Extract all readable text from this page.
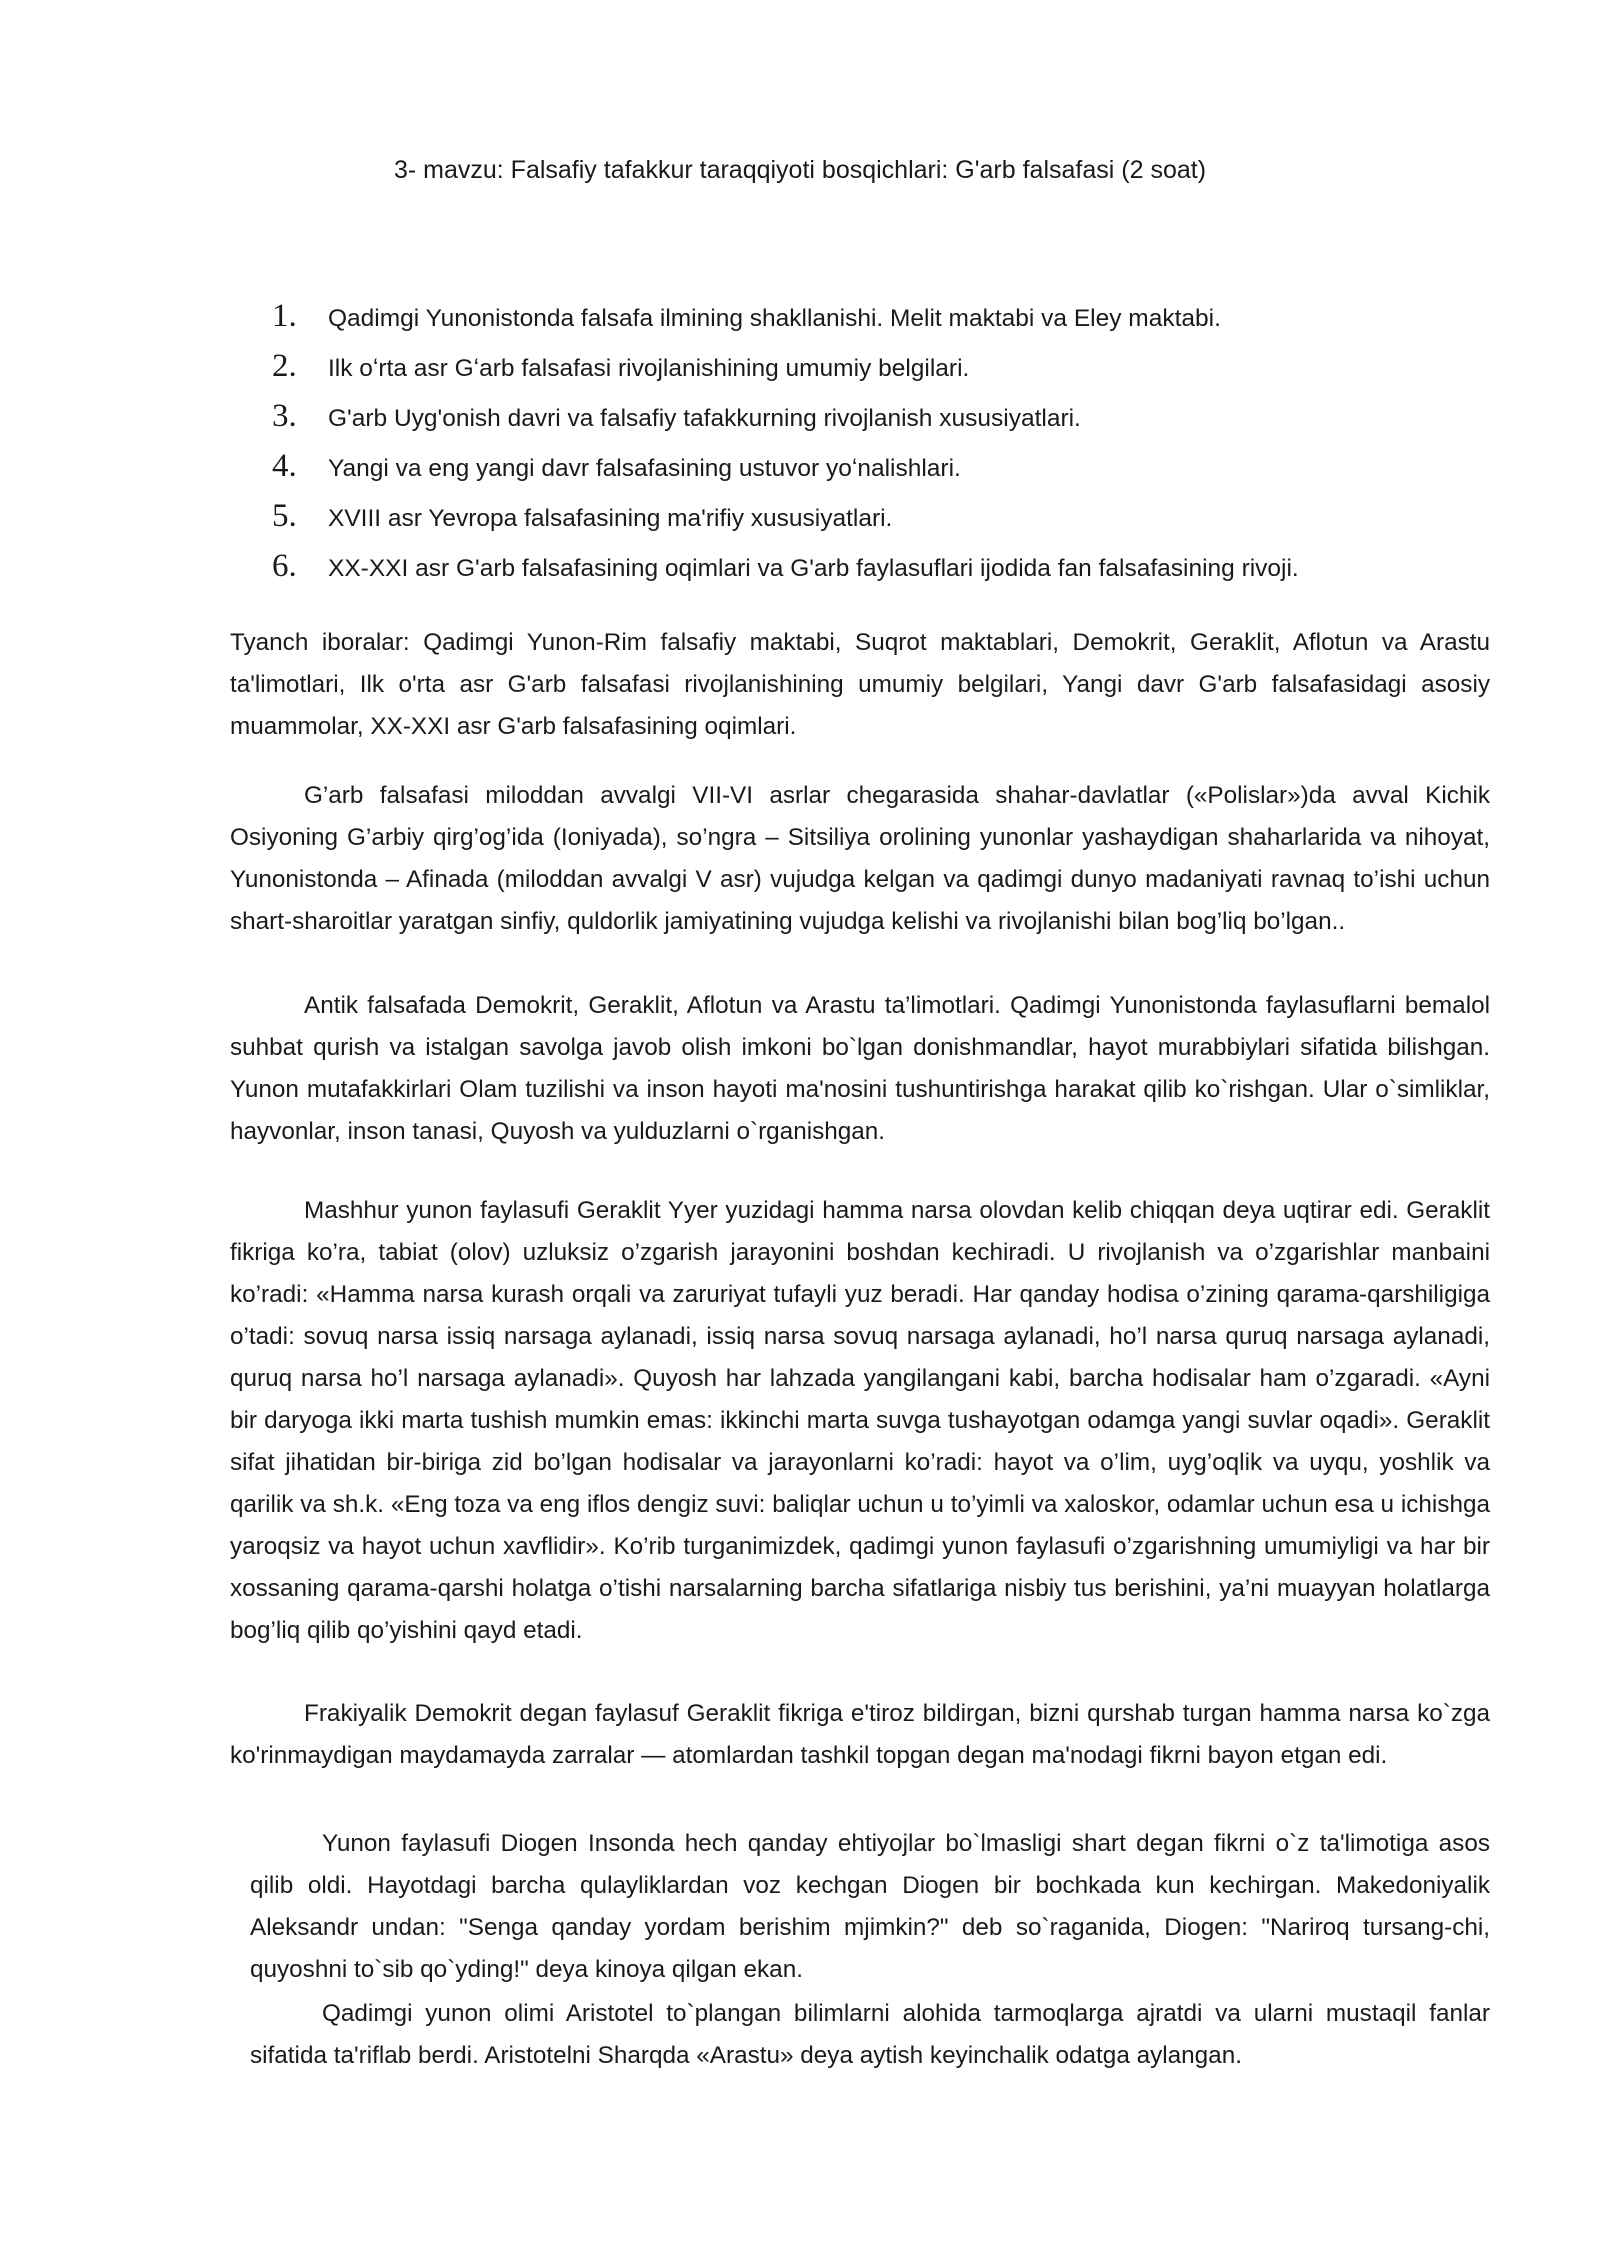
3- mavzu: Falsafiy tafakkur taraqqiyoti bosqichlari: G'arb falsafasi (2 soat)
1.	Qadimgi Yunonistonda falsafa ilmining shakllanishi. Melit maktabi va Eley maktabi.
2.	Ilk oʻrta asr Gʻarb falsafasi rivojlanishining umumiy belgilari.
3.	G'arb Uyg'onish davri va falsafiy tafakkurning rivojlanish xususiyatlari.
4.	Yangi va eng yangi davr falsafasining ustuvor yoʻnalishlari.
5.	XVIII asr Yevropa falsafasining ma'rifiy xususiyatlari.
6.	XX-XXI asr G'arb falsafasining oqimlari va G'arb faylasuflari ijodida fan falsafasining rivoji.

Tyanch iboralar: Qadimgi Yunon-Rim falsafiy maktabi, Suqrot maktablari, Demokrit, Geraklit, Aflotun va Arastu ta'limotlari, Ilk o'rta asr G'arb falsafasi rivojlanishining umumiy belgilari, Yangi davr G'arb falsafasidagi asosiy muammolar, XX-XXI asr G'arb falsafasining oqimlari.

G’arb falsafasi miloddan avvalgi VII-VI asrlar chegarasida shahar-davlatlar («Polislar»)da avval Kichik Osiyoning G’arbiy qirg’og’ida (Ioniyada), so’ngra – Sitsiliya orolining yunonlar yashaydigan shaharlarida va nihoyat, Yunonistonda – Afinada (miloddan avvalgi V asr) vujudga kelgan va qadimgi dunyo madaniyati ravnaq to’ishi uchun shart-sharoitlar yaratgan sinfiy, quldorlik jamiyatining vujudga kelishi va rivojlanishi bilan bog’liq bo’lgan..

Antik falsafada Demokrit, Geraklit, Aflotun va Arastu ta’limotlari. Qadimgi Yunonistonda faylasuflarni bemalol suhbat qurish va istalgan savolga javob olish imkoni bo`lgan donishmandlar, hayot murabbiylari sifatida bilishgan. Yunon mutafakkirlari Olam tuzilishi va inson hayoti ma'nosini tushuntirishga harakat qilib ko`rishgan. Ular o`simliklar, hayvonlar, inson tanasi, Quyosh va yulduzlarni o`rganishgan.

Mashhur yunon faylasufi Geraklit Yyer yuzidagi hamma narsa olovdan kelib chiqqan deya uqtirar edi. Geraklit fikriga ko’ra, tabiat (olov) uzluksiz o’zgarish jarayonini boshdan kechiradi. U rivojlanish va o’zgarishlar manbaini ko’radi: «Hamma narsa kurash orqali va zaruriyat tufayli yuz beradi. Har qanday hodisa o’zining qarama-qarshiligiga o’tadi: sovuq narsa issiq narsaga aylanadi, issiq narsa sovuq narsaga aylanadi, ho’l narsa quruq narsaga aylanadi, quruq narsa ho’l narsaga aylanadi». Quyosh har lahzada yangilangani kabi, barcha hodisalar ham o’zgaradi. «Ayni bir daryoga ikki marta tushish mumkin emas: ikkinchi marta suvga tushayotgan odamga yangi suvlar oqadi». Geraklit sifat jihatidan bir-biriga zid bo’lgan hodisalar va jarayonlarni ko’radi: hayot va o’lim, uyg’oqlik va uyqu, yoshlik va qarilik va sh.k. «Eng toza va eng iflos dengiz suvi: baliqlar uchun u to’yimli va xaloskor, odamlar uchun esa u ichishga yaroqsiz va hayot uchun xavflidir». Ko’rib turganimizdek, qadimgi yunon faylasufi o’zgarishning umumiyligi va har bir xossaning qarama-qarshi holatga o’tishi narsalarning barcha sifatlariga nisbiy tus berishini, ya’ni muayyan holatlarga bog’liq qilib qo’yishini qayd etadi.

Frakiyalik Demokrit degan faylasuf Geraklit fikriga e'tiroz bildirgan, bizni qurshab turgan hamma narsa ko`zga ko'rinmaydigan maydamayda zarralar — atomlardan tashkil topgan degan ma'nodagi fikrni bayon etgan edi.

Yunon faylasufi Diogen Insonda hech qanday ehtiyojlar bo`lmasligi shart degan fikrni o`z ta'limotiga asos qilib oldi. Hayotdagi barcha qulayliklardan voz kechgan Diogen bir bochkada kun kechirgan. Makedoniyalik Aleksandr undan: "Senga qanday yordam berishim mjimkin?" deb so`raganida, Diogen: "Nariroq tursang-chi, quyoshni to`sib qo`yding!" deya kinoya qilgan ekan.

Qadimgi yunon olimi Aristotel to`plangan bilimlarni alohida tarmoqlarga ajratdi va ularni mustaqil fanlar sifatida ta'riflab berdi. Aristotelni Sharqda «Arastu» deya aytish keyinchalik odatga aylangan.
